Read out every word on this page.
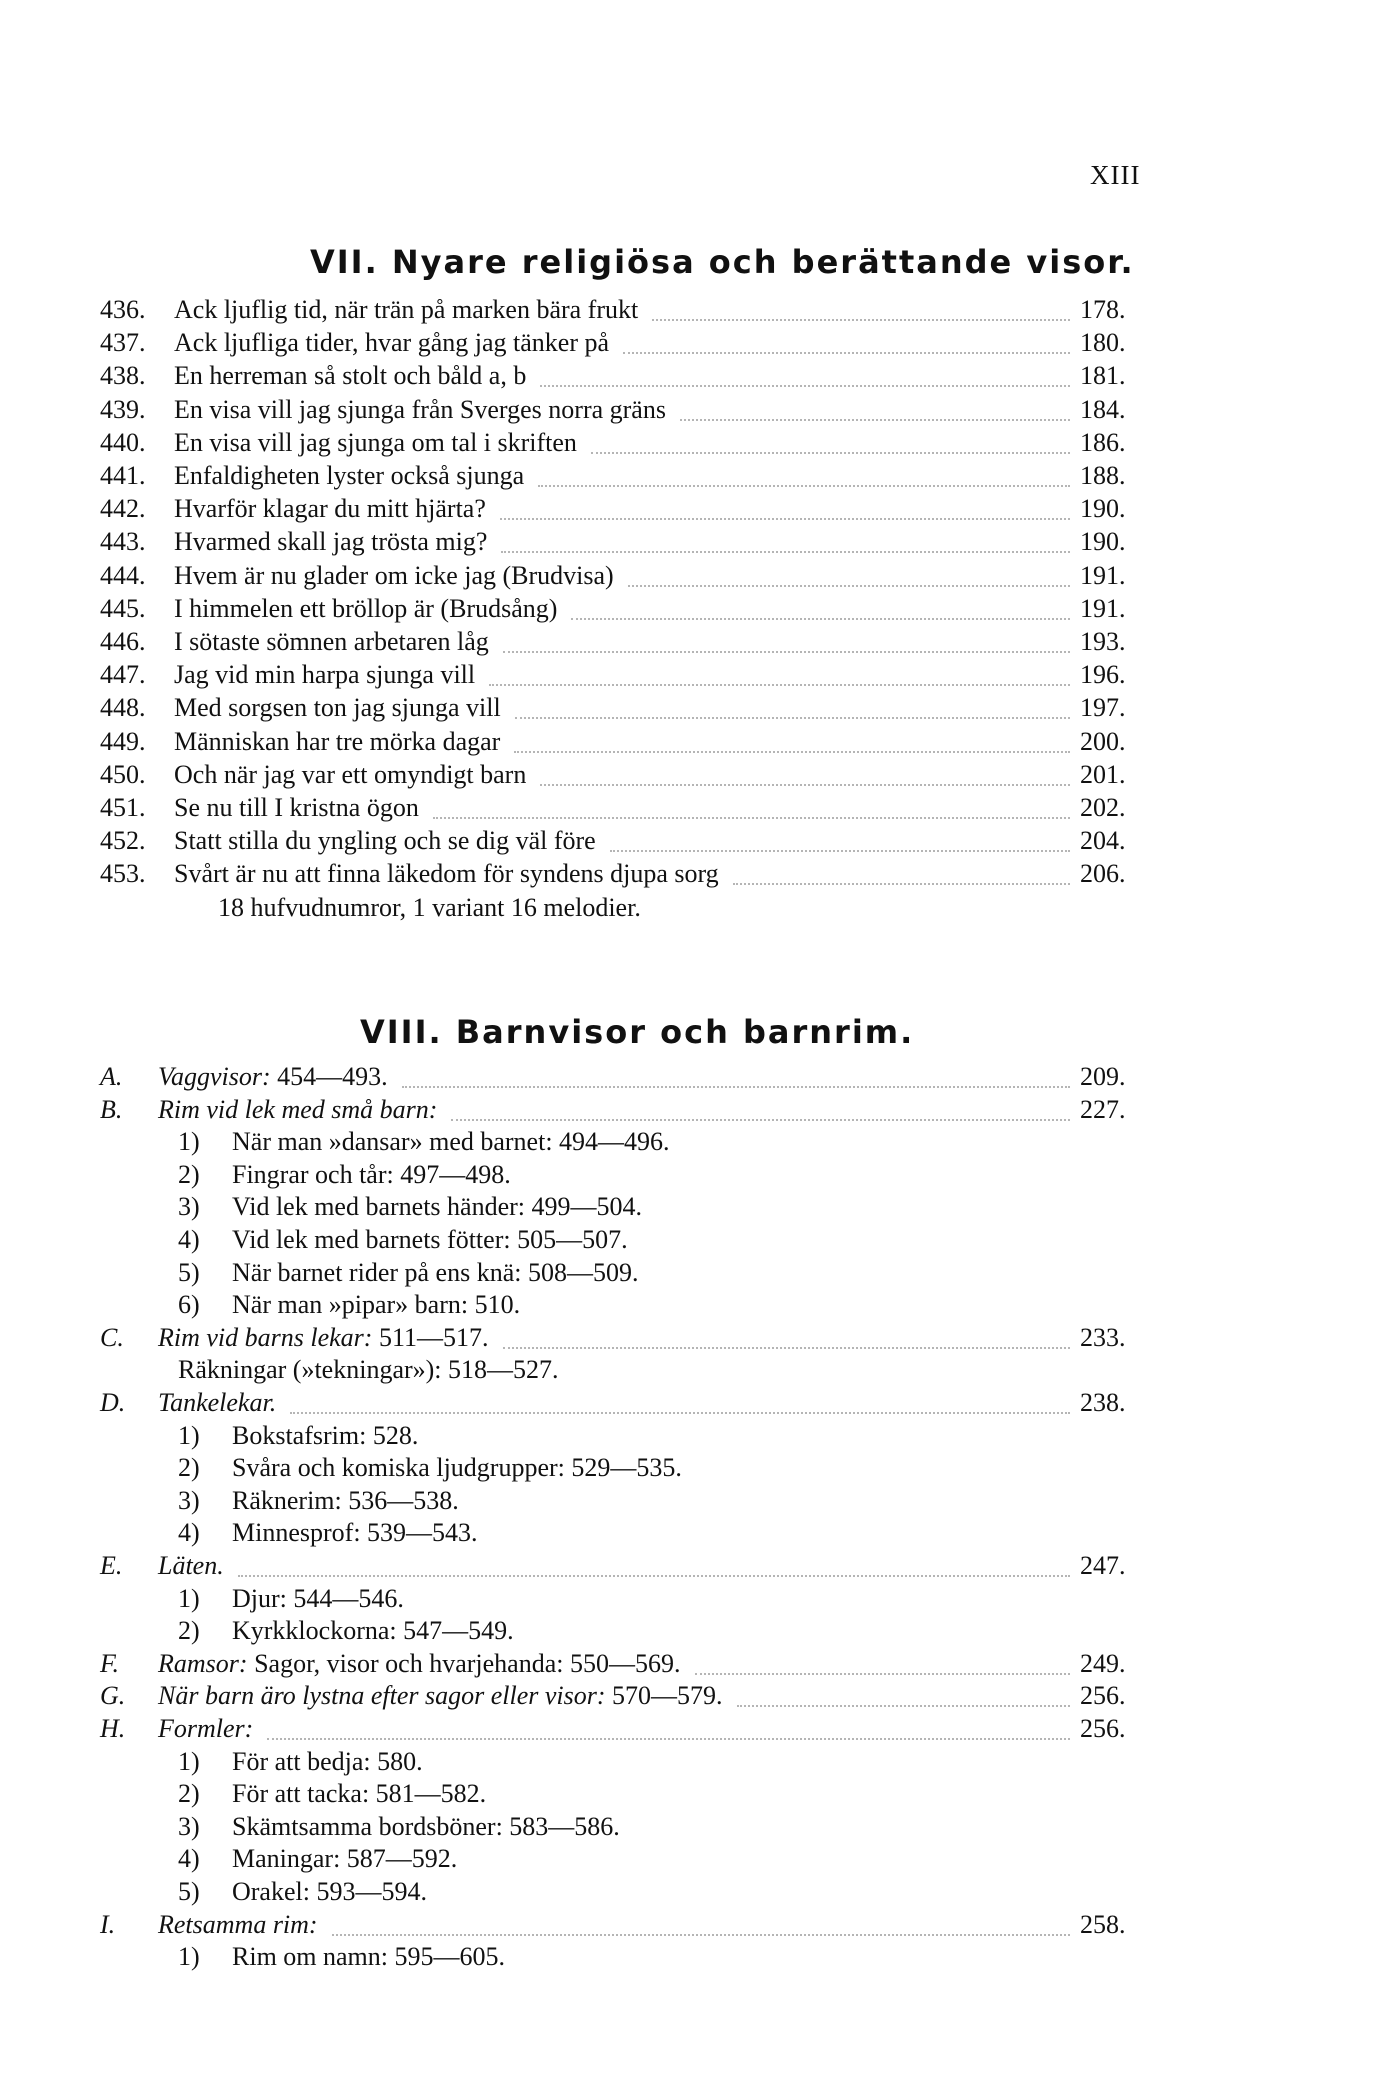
XIII
VII. Nyare religiösa och berättande visor.
436.	Ack ljuflig tid, när trän på marken bära frukt	178.
437.	Ack ljufliga tider, hvar gång jag tänker på	180.
438.	En herreman så stolt och båld a, b	181.
439.	En visa vill jag sjunga från Sverges norra gräns	184.
440.	En visa vill jag sjunga om tal i skriften	186.
441.	Enfaldigheten lyster också sjunga	188.
442.	Hvarför klagar du mitt hjärta?	190.
443.	Hvarmed skall jag trösta mig?	190.
444.	Hvem är nu glader om icke jag (Brudvisa)	191.
445.	I himmelen ett bröllop är (Brudsång)	191.
446.	I sötaste sömnen arbetaren låg	193.
447.	Jag vid min harpa sjunga vill	196.
448.	Med sorgsen ton jag sjunga vill	197.
449.	Människan har tre mörka dagar	200.
450.	Och när jag var ett omyndigt barn	201.
451.	Se nu till I kristna ögon	202.
452.	Statt stilla du yngling och se dig väl före	204.
453.	Svårt är nu att finna läkedom för syndens djupa sorg	206.
18 hufvudnumror, 1 variant 16 melodier.
VIII. Barnvisor och barnrim.
A. Vaggvisor: 454—493.	209.
B. Rim vid lek med små barn:	227.
1) När man »dansar» med barnet: 494—496.
2) Fingrar och tår: 497—498.
3) Vid lek med barnets händer: 499—504.
4) Vid lek med barnets fötter: 505—507.
5) När barnet rider på ens knä: 508—509.
6) När man »pipar» barn: 510.
C. Rim vid barns lekar: 511—517.	233.
Räkningar (»tekningar»): 518—527.
D. Tankelekar.	238.
1) Bokstafsrim: 528.
2) Svåra och komiska ljudgrupper: 529—535.
3) Räknerim: 536—538.
4) Minnesprof: 539—543.
E. Läten.	247.
1) Djur: 544—546.
2) Kyrkklockorna: 547—549.
F. Ramsor: Sagor, visor och hvarjehanda: 550—569.	249.
G. När barn äro lystna efter sagor eller visor: 570—579.	256.
H. Formler:	256.
1) För att bedja: 580.
2) För att tacka: 581—582.
3) Skämtsamma bordsböner: 583—586.
4) Maningar: 587—592.
5) Orakel: 593—594.
I. Retsamma rim:	258.
1) Rim om namn: 595—605.
